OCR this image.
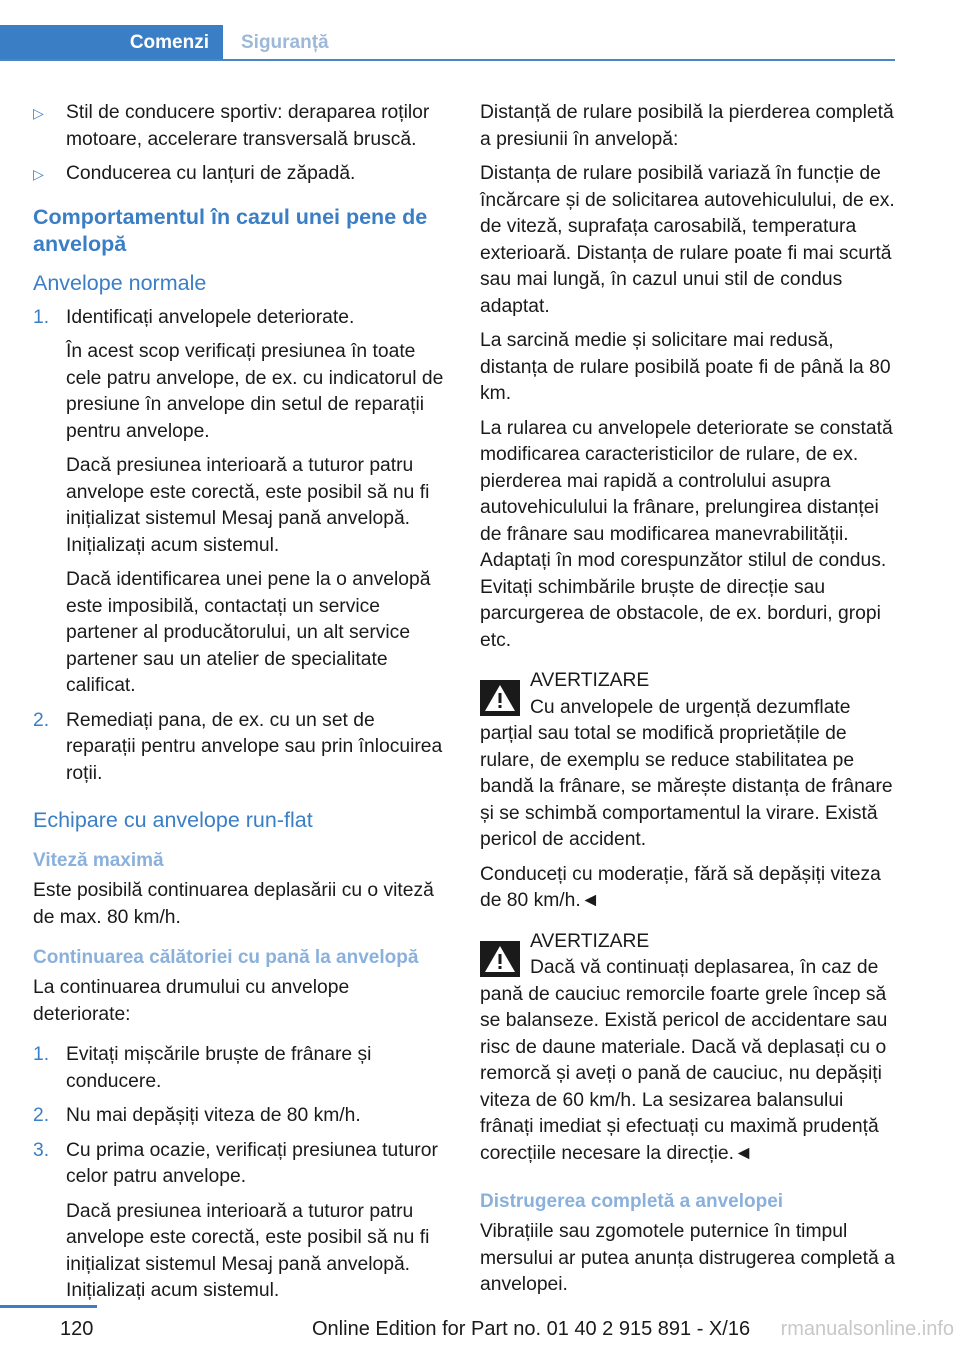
Comenzi	Siguranță
▷ Stil de conducere sportiv: deraparea roților motoare, accelerare transversală bruscă.
▷ Conducerea cu lanțuri de zăpadă.
Comportamentul în cazul unei pene de anvelopă
Anvelope normale
1. Identificați anvelopele deteriorate.
În acest scop verificați presiunea în toate cele patru anvelope, de ex. cu indicatorul de presiune în anvelope din setul de reparații pentru anvelope.
Dacă presiunea interioară a tuturor patru anvelope este corectă, este posibil să nu fi inițializat sistemul Mesaj pană anvelopă. Inițializați acum sistemul.
Dacă identificarea unei pene la o anvelopă este imposibilă, contactați un service partener al producătorului, un alt service partener sau un atelier de specialitate calificat.
2. Remediați pana, de ex. cu un set de reparații pentru anvelope sau prin înlocuirea roții.
Echipare cu anvelope run-flat
Viteză maximă

Este posibilă continuarea deplasării cu o viteză de max. 80 km/h.

Continuarea călătoriei cu pană la anvelopă

La continuarea drumului cu anvelope deteriorate:

1. Evitați mișcările bruște de frânare și conducere.
2. Nu mai depășiți viteza de 80 km/h.
3. Cu prima ocazie, verificați presiunea tuturor celor patru anvelope.
Dacă presiunea interioară a tuturor patru anvelope este corectă, este posibil să nu fi inițializat sistemul Mesaj pană anvelopă. Inițializați acum sistemul.

Distanță de rulare posibilă la pierderea completă a presiunii în anvelopă:

Distanța de rulare posibilă variază în funcție de încărcare și de solicitarea autovehiculului, de ex. de viteză, suprafața carosabilă, temperatura exterioară. Distanța de rulare poate fi mai scurtă sau mai lungă, în cazul unui stil de condus adaptat.

La sarcină medie și solicitare mai redusă, distanța de rulare posibilă poate fi de până la 80 km.

La rularea cu anvelopele deteriorate se constată modificarea caracteristicilor de rulare, de ex. pierderea mai rapidă a controlului asupra autovehiculului la frânare, prelungirea distanței de frânare sau modificarea manevrabilității. Adaptați în mod corespunzător stilul de condus. Evitați schimbările bruște de direcție sau parcurgerea de obstacole, de ex. borduri, gropi etc.

AVERTIZARE
Cu anvelopele de urgență dezumflate
parțial sau total se modifică proprietățile de rulare, de exemplu se reduce stabilitatea pe bandă la frânare, se mărește distanța de frânare și se schimbă comportamentul la virare. Există pericol de accident.

Conduceți cu moderație, fără să depășiți viteza de 80 km/h.◄

AVERTIZARE
Dacă vă continuați deplasarea, în caz de
pană de cauciuc remorcile foarte grele încep să se balanseze. Există pericol de accidentare sau risc de daune materiale. Dacă vă deplasați cu o remorcă și aveți o pană de cauciuc, nu depășiți viteza de 60 km/h. La sesizarea balansului frânați imediat și efectuați cu maximă prudență corecțiile necesare la direcție.◄
Distrugerea completă a anvelopei

Vibrațiile sau zgomotele puternice în timpul mersului ar putea anunța distrugerea completă a anvelopei.

120	Online Edition for Part no. 01 40 2 915 891 - X/16 rmanualsonline.info
